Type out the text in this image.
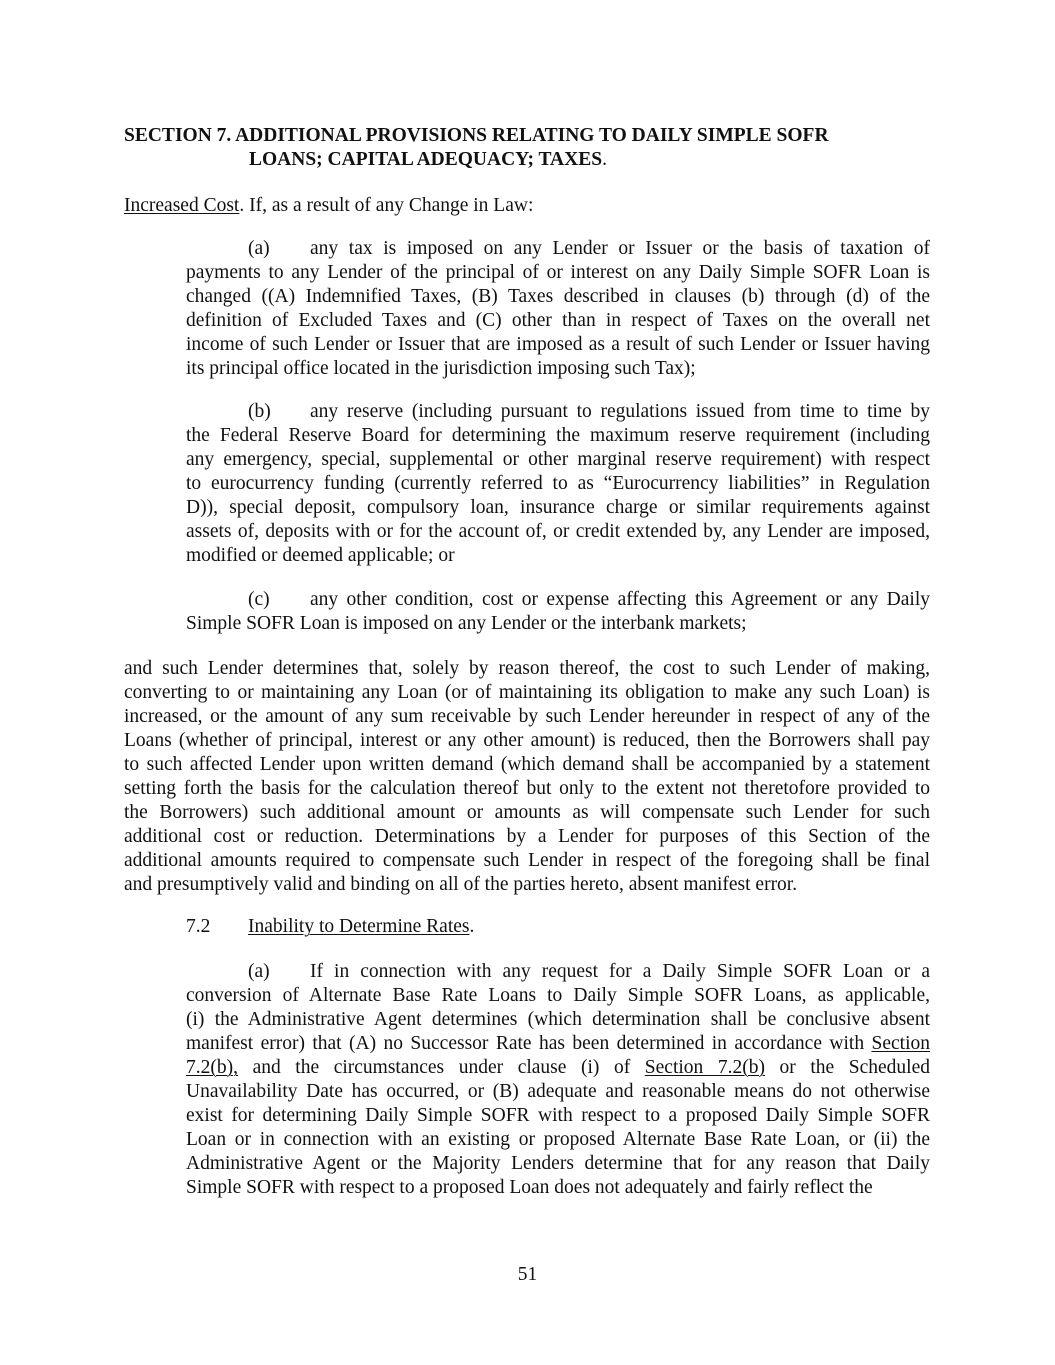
SECTION 7. ADDITIONAL PROVISIONS RELATING TO DAILY SIMPLE SOFR
LOANS; CAPITAL ADEQUACY; TAXES.
Increased Cost. If, as a result of any Change in Law:
(a) any tax is imposed on any Lender or Issuer or the basis of taxation of
payments to any Lender of the principal of or interest on any Daily Simple SOFR Loan is
changed ((A) Indemnified Taxes, (B) Taxes described in clauses (b) through (d) of the
definition of Excluded Taxes and (C) other than in respect of Taxes on the overall net
income of such Lender or Issuer that are imposed as a result of such Lender or Issuer having
its principal office located in the jurisdiction imposing such Tax);
(b) any reserve (including pursuant to regulations issued from time to time by
the Federal Reserve Board for determining the maximum reserve requirement (including
any emergency, special, supplemental or other marginal reserve requirement) with respect
to eurocurrency funding (currently referred to as “Eurocurrency liabilities” in Regulation
D)), special deposit, compulsory loan, insurance charge or similar requirements against
assets of, deposits with or for the account of, or credit extended by, any Lender are imposed,
modified or deemed applicable; or
(c) any other condition, cost or expense affecting this Agreement or any Daily
Simple SOFR Loan is imposed on any Lender or the interbank markets;
and such Lender determines that, solely by reason thereof, the cost to such Lender of making,
converting to or maintaining any Loan (or of maintaining its obligation to make any such Loan) is
increased, or the amount of any sum receivable by such Lender hereunder in respect of any of the
Loans (whether of principal, interest or any other amount) is reduced, then the Borrowers shall pay
to such affected Lender upon written demand (which demand shall be accompanied by a statement
setting forth the basis for the calculation thereof but only to the extent not theretofore provided to
the Borrowers) such additional amount or amounts as will compensate such Lender for such
additional cost or reduction. Determinations by a Lender for purposes of this Section of the
additional amounts required to compensate such Lender in respect of the foregoing shall be final
and presumptively valid and binding on all of the parties hereto, absent manifest error.
7.2 Inability to Determine Rates.
(a) If in connection with any request for a Daily Simple SOFR Loan or a
conversion of Alternate Base Rate Loans to Daily Simple SOFR Loans, as applicable,
(i) the Administrative Agent determines (which determination shall be conclusive absent
manifest error) that (A) no Successor Rate has been determined in accordance with Section
7.2(b), and the circumstances under clause (i) of Section 7.2(b) or the Scheduled
Unavailability Date has occurred, or (B) adequate and reasonable means do not otherwise
exist for determining Daily Simple SOFR with respect to a proposed Daily Simple SOFR
Loan or in connection with an existing or proposed Alternate Base Rate Loan, or (ii) the
Administrative Agent or the Majority Lenders determine that for any reason that Daily
Simple SOFR with respect to a proposed Loan does not adequately and fairly reflect the
51
